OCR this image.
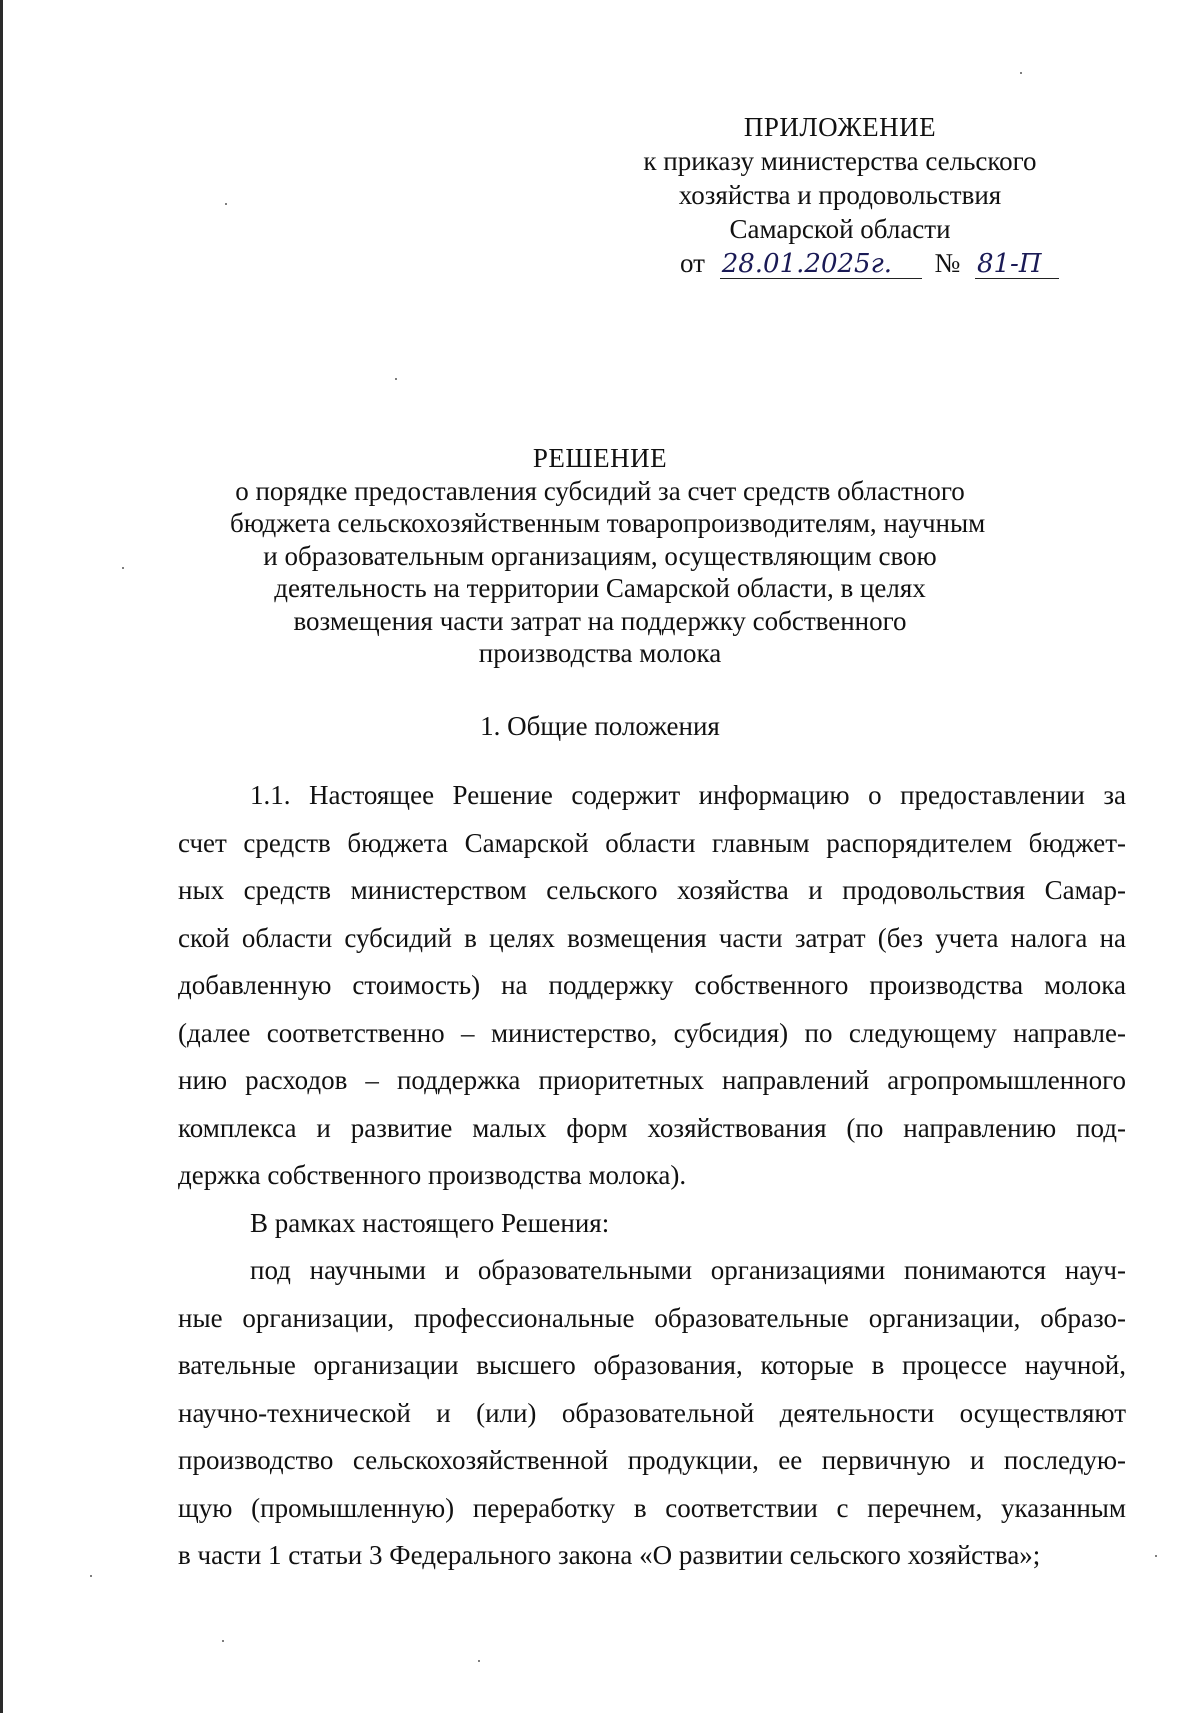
ПРИЛОЖЕНИЕ
к приказу министерства сельского
хозяйства и продовольствия
Самарской области
от 28.01.2025г. № 81-П
РЕШЕНИЕ
о порядке предоставления субсидий за счет средств областного
бюджета сельскохозяйственным товаропроизводителям, научным
и образовательным организациям, осуществляющим свою
деятельность на территории Самарской области, в целях
возмещения части затрат на поддержку собственного
производства молока
1. Общие положения
1.1. Настоящее Решение содержит информацию о предоставлении за
счет средств бюджета Самарской области главным распорядителем бюджет-
ных средств министерством сельского хозяйства и продовольствия Самар-
ской области субсидий в целях возмещения части затрат (без учета налога на
добавленную стоимость) на поддержку собственного производства молока
(далее соответственно – министерство, субсидия) по следующему направле-
нию расходов – поддержка приоритетных направлений агропромышленного
комплекса и развитие малых форм хозяйствования (по направлению под-
держка собственного производства молока).
В рамках настоящего Решения:
под научными и образовательными организациями понимаются науч-
ные организации, профессиональные образовательные организации, образо-
вательные организации высшего образования, которые в процессе научной,
научно-технической и (или) образовательной деятельности осуществляют
производство сельскохозяйственной продукции, ее первичную и последую-
щую (промышленную) переработку в соответствии с перечнем, указанным
в части 1 статьи 3 Федерального закона «О развитии сельского хозяйства»;
